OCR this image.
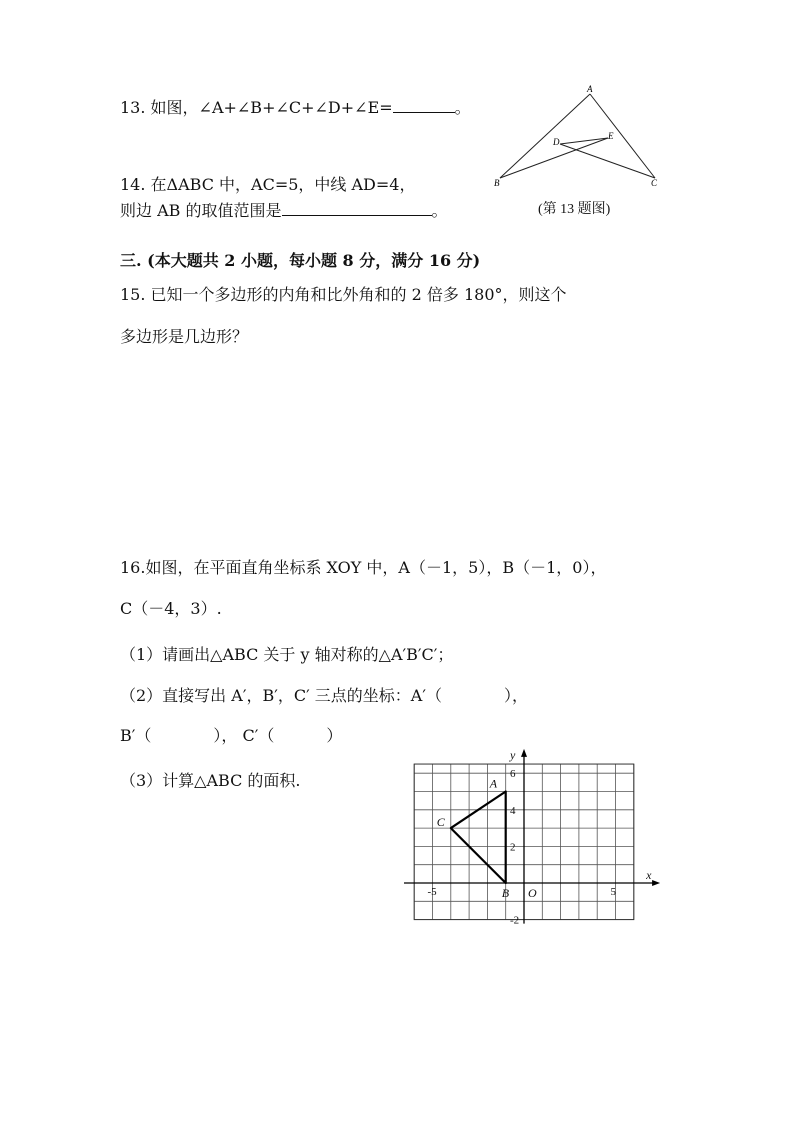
13. 如图，∠A+∠B+∠C+∠D+∠E=	。
A
B	C
D
E
14. 在ΔABC 中，AC=5，中线 AD=4，
则边 AB 的取值范围是	。	(第 13 题图)
三. (本大题共 2 小题，每小题 8 分，满分 16 分)
15. 已知一个多边形的内角和比外角和的 2 倍多 180°，则这个
多边形是几边形？
16.如图，在平面直角坐标系 XOY 中，A（－1，5），B（－1，0），
C（－4，3）.
（1）请画出△ABC 关于 y 轴对称的△A′B′C′；
（2）直接写出 A′，B′，C′ 三点的坐标：A′（	），
B′（	）， C′（	）
（3）计算△ABC 的面积.
x
y
O
6
4
2
-2
-5	5
A
B
C
